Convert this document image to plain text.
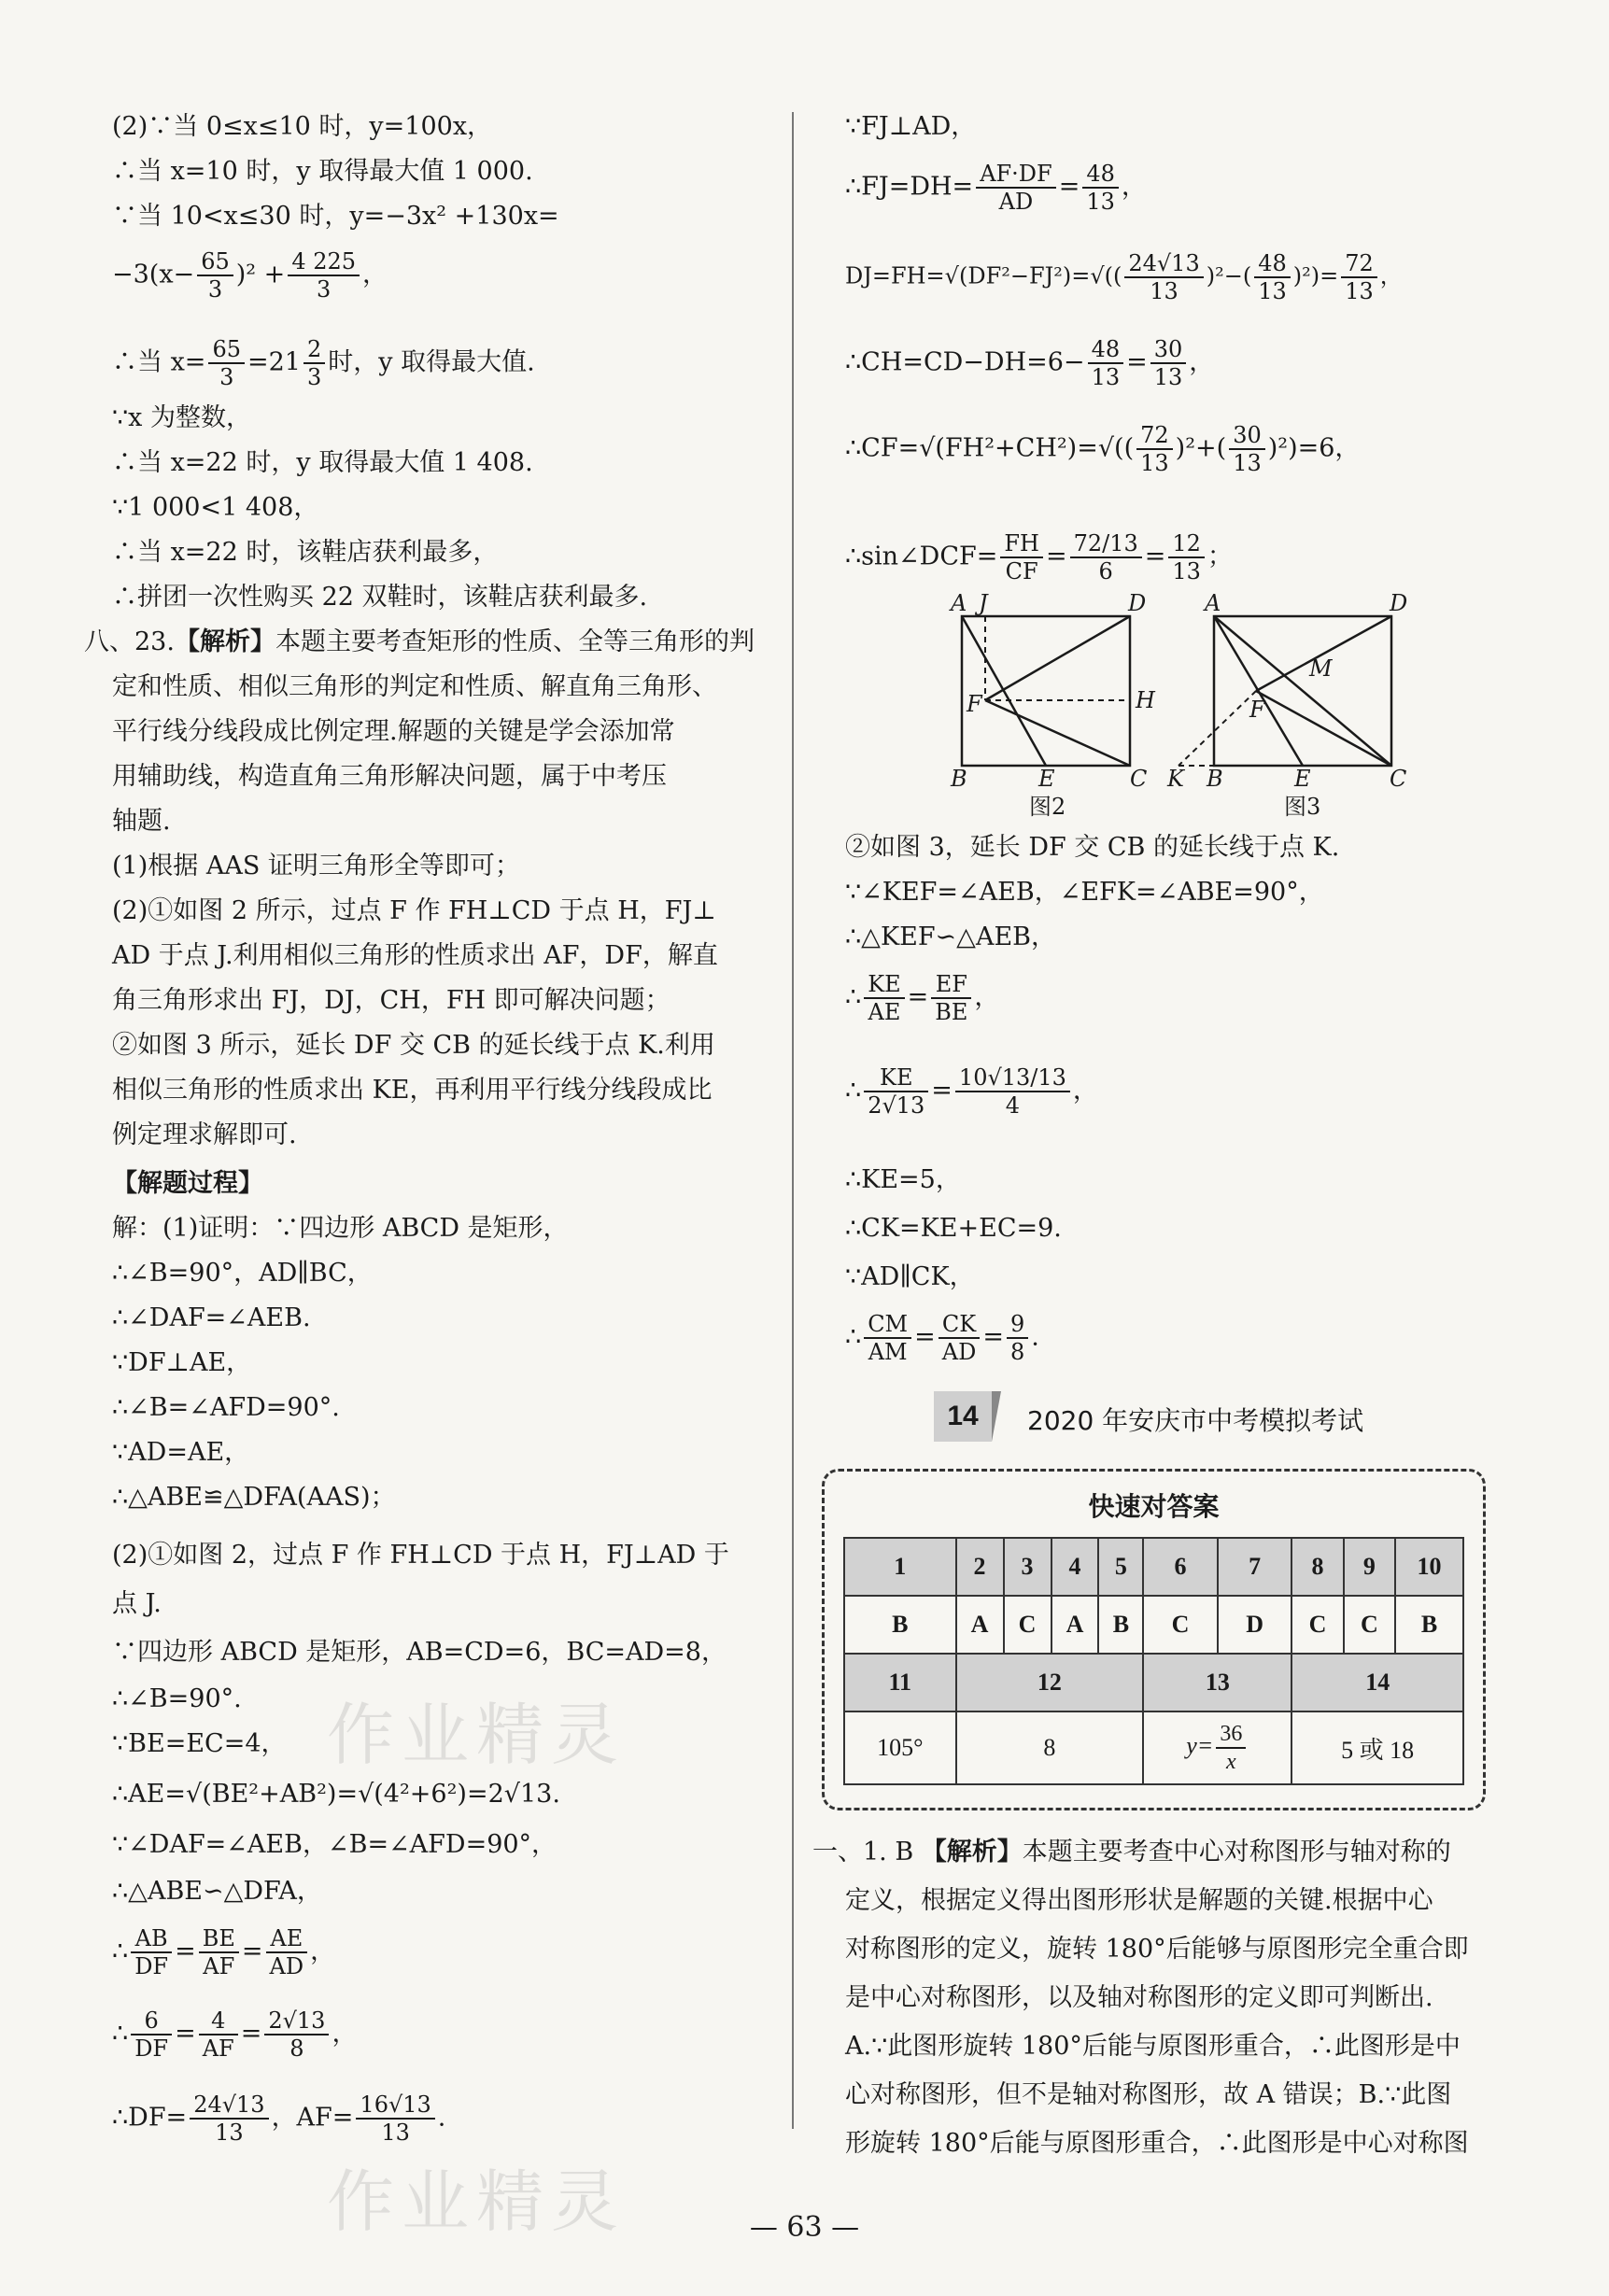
(2)∵当 0≤x≤10 时，y=100x，
∴当 x=10 时，y 取得最大值 1 000.
∵当 10<x≤30 时，y=−3x² +130x=
$-3(x- \frac{65}{3} )^2 + \frac{4 225}{3}$ ，
∴当 $x= \frac{65}{3} =21 \frac{2}{3}$ 时，y 取得最大值.
∵x 为整数，
∴当 x=22 时，y 取得最大值 1 408.
∵1 000<1 408，
∴当 x=22 时，该鞋店获利最多，
∴拼团一次性购买 22 双鞋时，该鞋店获利最多.
八、23.【解析】本题主要考查矩形的性质、全等三角形的判
定和性质、相似三角形的判定和性质、解直角三角形、
平行线分线段成比例定理.解题的关键是学会添加常
用辅助线，构造直角三角形解决问题，属于中考压
轴题.
(1)根据 AAS 证明三角形全等即可；
(2)①如图 2 所示，过点 F 作 FH⊥CD 于点 H，FJ⊥
AD 于点 J.利用相似三角形的性质求出 AF，DF，解直
角三角形求出 FJ，DJ，CH，FH 即可解决问题；
②如图 3 所示，延长 DF 交 CB 的延长线于点 K.利用
相似三角形的性质求出 KE，再利用平行线分线段成比
例定理求解即可.
【解题过程】
解：(1)证明：∵四边形 ABCD 是矩形，
∴∠B=90°，AD∥BC，
∴∠DAF=∠AEB.
∵DF⊥AE，
∴∠B=∠AFD=90°.
∵AD=AE，
∴△ABE≌△DFA(AAS)；
(2)①如图 2，过点 F 作 FH⊥CD 于点 H，FJ⊥AD 于
点 J.
∵四边形 ABCD 是矩形，AB=CD=6，BC=AD=8，
∴∠B=90°.
∵BE=EC=4，
∴AE=√(BE²+AB²)=√(4²+6²)=2√13.
∵∠DAF=∠AEB，∠B=∠AFD=90°，
∴△ABE∽△DFA，
∴ $\frac{AB}{DF} = \frac{BE}{AF} = \frac{AE}{AD}$ ，
∴ $\frac{6}{DF} = \frac{4}{AF} = \frac{2√13}{8}$ ，
∴DF= $\frac{24√13}{13}$ ，$AF= \frac{16√13}{13}$ .
∵FJ⊥AD，
∴FJ=DH= $\frac{AF\cdot DF}{AD} = \frac{48}{13}$ ，
$DJ=FH=√(DF^2-FJ^2)=√(( \frac{24√13}{13} )^2-( \frac{48}{13} )^2)= \frac{72}{13}$ ，
∴CH=CD−DH=6− $\frac{48}{13} = \frac{30}{13}$ ，
∴CF=√(FH²+CH²)=√(( $\frac{72}{13} )^2+( \frac{30}{13} )^2)=6$，
∴sin∠DCF= $\frac{FH}{CF} = \frac{72/13}{6} = \frac{12}{13}$ ；
A J	D
H
F
B	E	C
图2
A	D
M
F
K B	E	C
图3
②如图 3，延长 DF 交 CB 的延长线于点 K.
∵∠KEF=∠AEB，∠EFK=∠ABE=90°，
∴△KEF∽△AEB，
∴ $\frac{KE}{AE} = \frac{EF}{BE}$ ，
∴ $\frac{KE}{2√13} = \frac{10√13/13}{4}$ ，
∴KE=5，
∴CK=KE+EC=9.
∵AD∥CK，
∴ $\frac{CM}{AM} = \frac{CK}{AD} = \frac{9}{8}$ .
14	2020 年安庆市中考模拟考试
快速对答案
1	2	3	4	5	6	7	8	9	10
B	A	C	A	B	C	D	C	C	B
11	12				13		14		
105°	8				$y= \frac{36}{x}$		5 或 18		
一、1. B 【解析】本题主要考查中心对称图形与轴对称的
定义，根据定义得出图形形状是解题的关键.根据中心
对称图形的定义，旋转 180°后能够与原图形完全重合即
是中心对称图形，以及轴对称图形的定义即可判断出.
A.∵此图形旋转 180°后能与原图形重合，∴此图形是中
心对称图形，但不是轴对称图形，故 A 错误；B.∵此图
形旋转 180°后能与原图形重合，∴此图形是中心对称图
作业精灵
作业精灵	— 63 —
